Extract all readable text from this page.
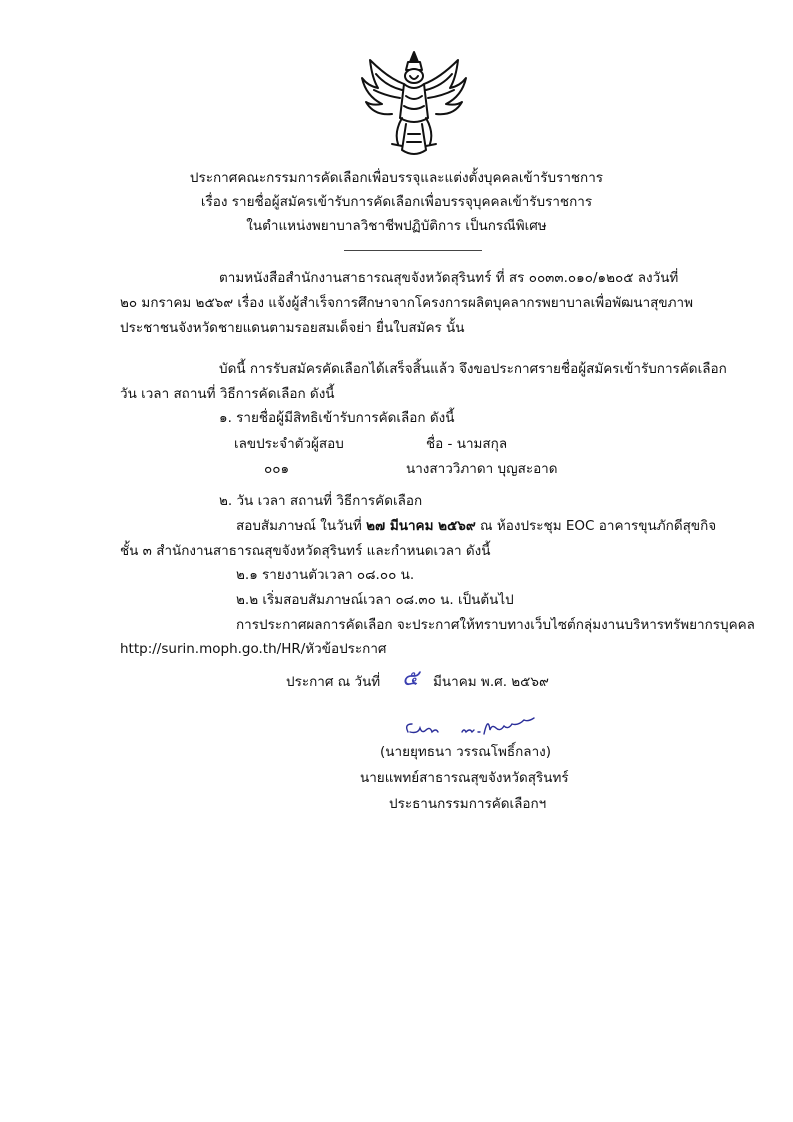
ประกาศคณะกรรมการคัดเลือกเพื่อบรรจุและแต่งตั้งบุคคลเข้ารับราชการ
เรื่อง รายชื่อผู้สมัครเข้ารับการคัดเลือกเพื่อบรรจุบุคคลเข้ารับราชการ
ในตำแหน่งพยาบาลวิชาชีพปฏิบัติการ เป็นกรณีพิเศษ
ตามหนังสือสำนักงานสาธารณสุขจังหวัดสุรินทร์ ที่ สร ๐๐๓๓.๐๑๐/๑๒๐๕ ลงวันที่
๒๐ มกราคม ๒๕๖๙ เรื่อง แจ้งผู้สำเร็จการศึกษาจากโครงการผลิตบุคลากรพยาบาลเพื่อพัฒนาสุขภาพ
ประชาชนจังหวัดชายแดนตามรอยสมเด็จย่า ยื่นใบสมัคร นั้น
บัดนี้ การรับสมัครคัดเลือกได้เสร็จสิ้นแล้ว จึงขอประกาศรายชื่อผู้สมัครเข้ารับการคัดเลือก
วัน เวลา สถานที่ วิธีการคัดเลือก ดังนี้
๑. รายชื่อผู้มีสิทธิเข้ารับการคัดเลือก ดังนี้
เลขประจำตัวผู้สอบ	ชื่อ - นามสกุล
๐๐๑	นางสาววิภาดา บุญสะอาด
๒. วัน เวลา สถานที่ วิธีการคัดเลือก
สอบสัมภาษณ์ ในวันที่ ๒๗ มีนาคม ๒๕๖๙ ณ ห้องประชุม EOC อาคารขุนภักดีสุขกิจ
ชั้น ๓ สำนักงานสาธารณสุขจังหวัดสุรินทร์ และกำหนดเวลา ดังนี้
๒.๑ รายงานตัวเวลา ๐๘.๐๐ น.
๒.๒ เริ่มสอบสัมภาษณ์เวลา ๐๘.๓๐ น. เป็นต้นไป
การประกาศผลการคัดเลือก จะประกาศให้ทราบทางเว็บไซต์กลุ่มงานบริหารทรัพยากรบุคคล
http://surin.moph.go.th/HR/หัวข้อประกาศ
ประกาศ ณ วันที่ ๕ มีนาคม พ.ศ. ๒๕๖๙
(นายยุทธนา วรรณโพธิ์กลาง)
นายแพทย์สาธารณสุขจังหวัดสุรินทร์
ประธานกรรมการคัดเลือกฯ
